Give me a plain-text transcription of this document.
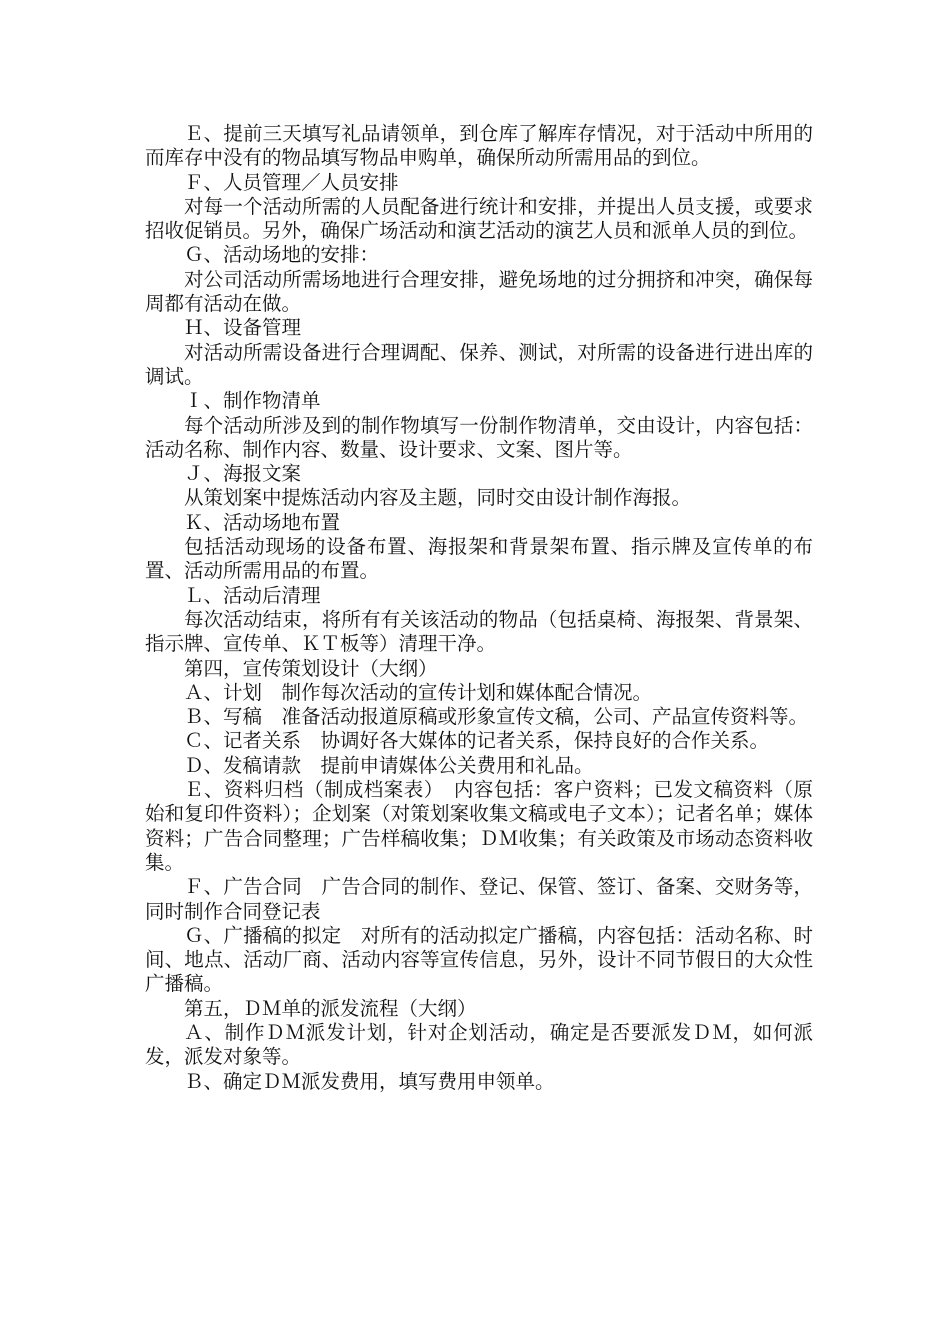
Ｅ、提前三天填写礼品请领单，到仓库了解库存情况，对于活动中所用的而库存中没有的物品填写物品申购单，确保所动所需用品的到位。

Ｆ、人员管理／人员安排

对每一个活动所需的人员配备进行统计和安排，并提出人员支援，或要求招收促销员。另外，确保广场活动和演艺活动的演艺人员和派单人员的到位。

Ｇ、活动场地的安排：

对公司活动所需场地进行合理安排，避免场地的过分拥挤和冲突，确保每周都有活动在做。

Ｈ、设备管理

对活动所需设备进行合理调配、保养、测试，对所需的设备进行进出库的调试。

Ｉ、制作物清单

每个活动所涉及到的制作物填写一份制作物清单，交由设计，内容包括：活动名称、制作内容、数量、设计要求、文案、图片等。

Ｊ、海报文案

从策划案中提炼活动内容及主题，同时交由设计制作海报。

Ｋ、活动场地布置

包括活动现场的设备布置、海报架和背景架布置、指示牌及宣传单的布置、活动所需用品的布置。

Ｌ、活动后清理

每次活动结束，将所有有关该活动的物品（包括桌椅、海报架、背景架、指示牌、宣传单、ＫＴ板等）清理干净。

第四，宣传策划设计（大纲）

Ａ、计划　制作每次活动的宣传计划和媒体配合情况。

Ｂ、写稿　准备活动报道原稿或形象宣传文稿，公司、产品宣传资料等。

Ｃ、记者关系　协调好各大媒体的记者关系，保持良好的合作关系。

Ｄ、发稿请款　提前申请媒体公关费用和礼品。

Ｅ、资料归档（制成档案表）　内容包括：客户资料；已发文稿资料（原始和复印件资料）；企划案（对策划案收集文稿或电子文本）；记者名单；媒体资料；广告合同整理；广告样稿收集；ＤＭ收集；有关政策及市场动态资料收集。

Ｆ、广告合同　广告合同的制作、登记、保管、签订、备案、交财务等，同时制作合同登记表

Ｇ、广播稿的拟定　对所有的活动拟定广播稿，内容包括：活动名称、时间、地点、活动厂商、活动内容等宣传信息，另外，设计不同节假日的大众性广播稿。

第五，ＤＭ单的派发流程（大纲）

Ａ、制作ＤＭ派发计划，针对企划活动，确定是否要派发ＤＭ，如何派发，派发对象等。

Ｂ、确定ＤＭ派发费用，填写费用申领单。
